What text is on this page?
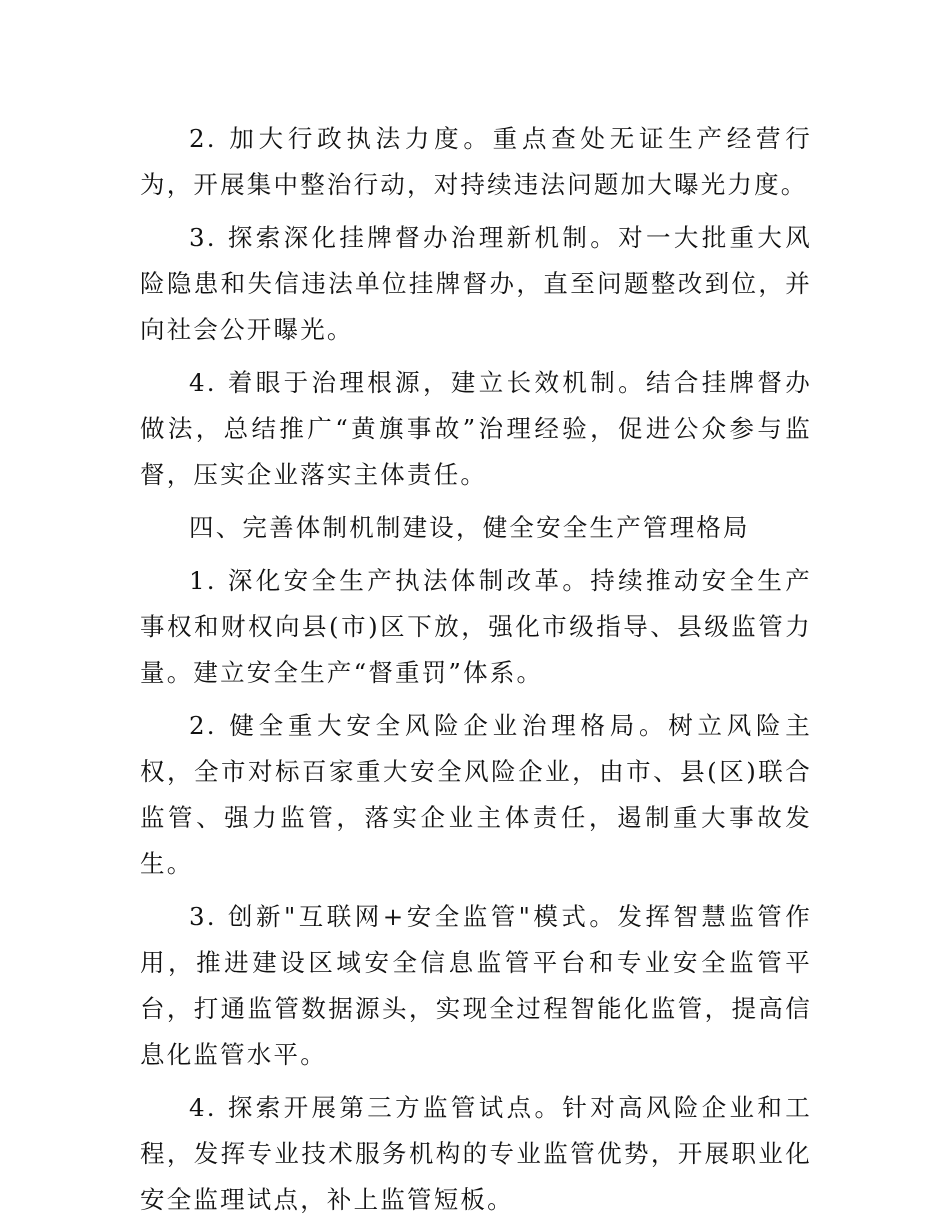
2. 加大行政执法力度。重点查处无证生产经营行为，开展集中整治行动，对持续违法问题加大曝光力度。

3. 探索深化挂牌督办治理新机制。对一大批重大风险隐患和失信违法单位挂牌督办，直至问题整改到位，并向社会公开曝光。

4. 着眼于治理根源，建立长效机制。结合挂牌督办做法，总结推广“黄旗事故”治理经验，促进公众参与监督，压实企业落实主体责任。

四、完善体制机制建设，健全安全生产管理格局

1. 深化安全生产执法体制改革。持续推动安全生产事权和财权向县(市)区下放，强化市级指导、县级监管力量。建立安全生产“督重罚”体系。

2. 健全重大安全风险企业治理格局。树立风险主权，全市对标百家重大安全风险企业，由市、县(区)联合监管、强力监管，落实企业主体责任，遏制重大事故发生。

3. 创新"互联网+安全监管"模式。发挥智慧监管作用，推进建设区域安全信息监管平台和专业安全监管平台，打通监管数据源头，实现全过程智能化监管，提高信息化监管水平。

4. 探索开展第三方监管试点。针对高风险企业和工程，发挥专业技术服务机构的专业监管优势，开展职业化安全监理试点，补上监管短板。
